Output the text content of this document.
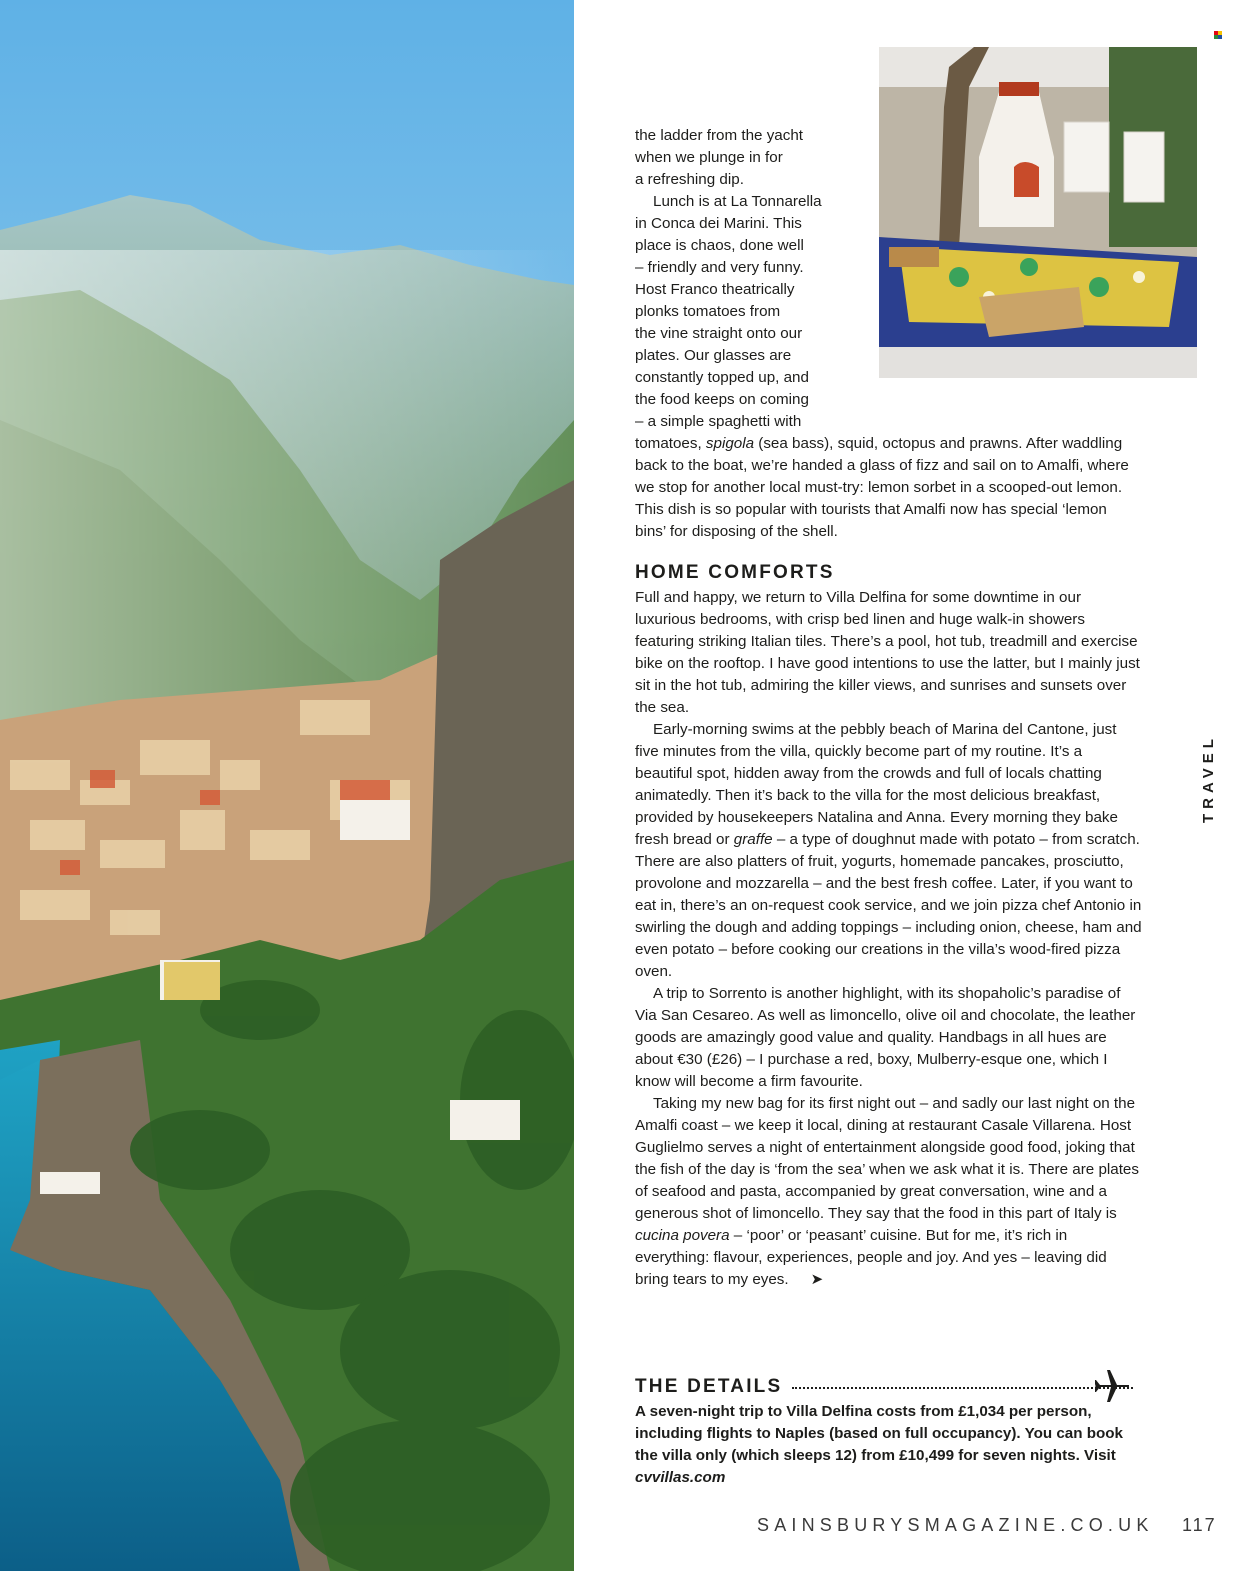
the ladder from the yacht
when we plunge in for
a refreshing dip.

Lunch is at La Tonnarella
in Conca dei Marini. This
place is chaos, done well
– friendly and very funny.
Host Franco theatrically
plonks tomatoes from
the vine straight onto our
plates. Our glasses are
constantly topped up, and
the food keeps on coming
– a simple spaghetti with

tomatoes, spigola (sea bass), squid, octopus and prawns. After waddling back to the boat, we’re handed a glass of fizz and sail on to Amalfi, where we stop for another local must-try: lemon sorbet in a scooped-out lemon. This dish is so popular with tourists that Amalfi now has special ‘lemon bins’ for disposing of the shell.

HOME COMFORTS

Full and happy, we return to Villa Delfina for some downtime in our luxurious bedrooms, with crisp bed linen and huge walk-in showers featuring striking Italian tiles. There’s a pool, hot tub, treadmill and exercise bike on the rooftop. I have good intentions to use the latter, but I mainly just sit in the hot tub, admiring the killer views, and sunrises and sunsets over the sea.

Early-morning swims at the pebbly beach of Marina del Cantone, just five minutes from the villa, quickly become part of my routine. It’s a beautiful spot, hidden away from the crowds and full of locals chatting animatedly. Then it’s back to the villa for the most delicious breakfast, provided by housekeepers Natalina and Anna. Every morning they bake fresh bread or graffe – a type of doughnut made with potato – from scratch. There are also platters of fruit, yogurts, homemade pancakes, prosciutto, provolone and mozzarella – and the best fresh coffee. Later, if you want to eat in, there’s an on-request cook service, and we join pizza chef Antonio in swirling the dough and adding toppings – including onion, cheese, ham and even potato – before cooking our creations in the villa’s wood-fired pizza oven.

A trip to Sorrento is another highlight, with its shopaholic’s paradise of Via San Cesareo. As well as limoncello, olive oil and chocolate, the leather goods are amazingly good value and quality. Handbags in all hues are about €30 (£26) – I purchase a red, boxy, Mulberry-esque one, which I know will become a firm favourite.

Taking my new bag for its first night out – and sadly our last night on the Amalfi coast – we keep it local, dining at restaurant Casale Villarena. Host Guglielmo serves a night of entertainment alongside good food, joking that the fish of the day is ‘from the sea’ when we ask what it is. There are plates of seafood and pasta, accompanied by great conversation, wine and a generous shot of limoncello. They say that the food in this part of Italy is cucina povera – ‘poor’ or ‘peasant’ cuisine. But for me, it’s rich in everything: flavour, experiences, people and joy. And yes – leaving did bring tears to my eyes. ➤

THE DETAILS

A seven-night trip to Villa Delfina costs from £1,034 per person, including flights to Naples (based on full occupancy). You can book the villa only (which sleeps 12) from £10,499 for seven nights. Visit cvvillas.com

TRAVEL
SAINSBURYSMAGAZINE.CO.UK 117
